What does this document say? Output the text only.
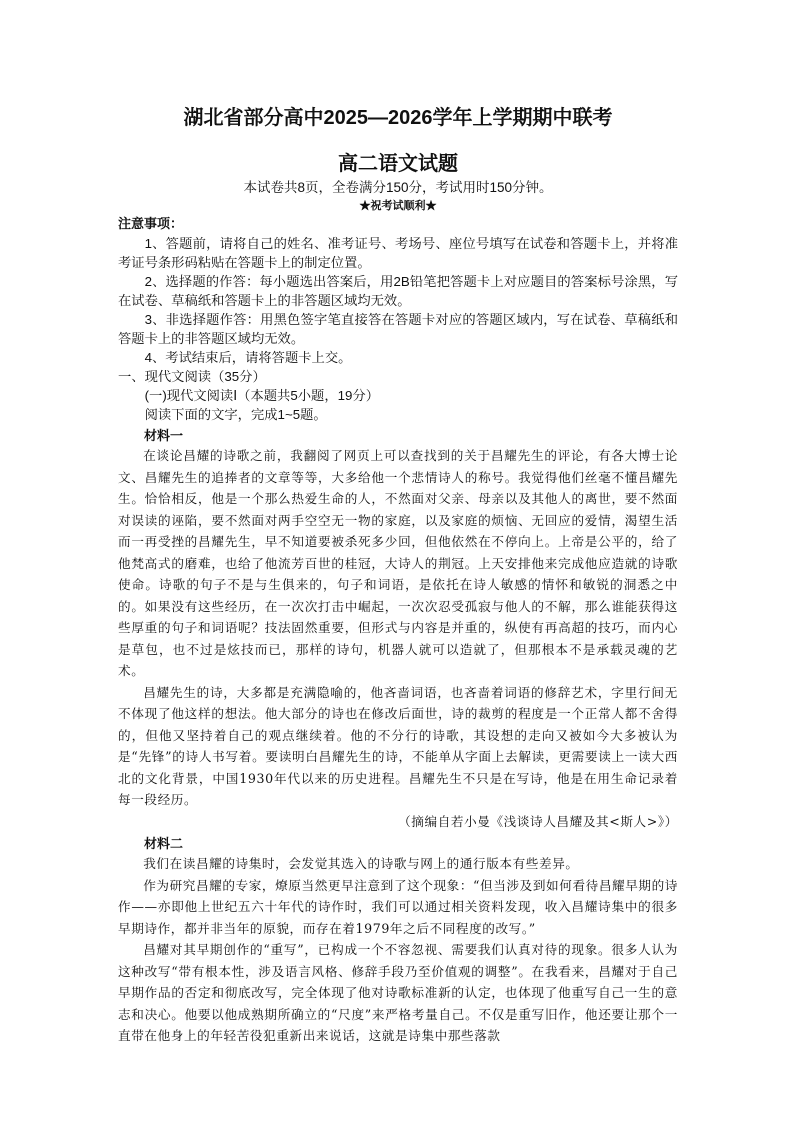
湖北省部分高中2025—2026学年上学期期中联考
高二语文试题

本试卷共8页，全卷满分150分，考试用时150分钟。

★祝考试顺利★

注意事项：

1、答题前，请将自己的姓名、准考证号、考场号、座位号填写在试卷和答题卡上，并将准考证号条形码粘贴在答题卡上的制定位置。

2、选择题的作答：每小题选出答案后，用2B铅笔把答题卡上对应题目的答案标号涂黑，写在试卷、草稿纸和答题卡上的非答题区域均无效。

3、非选择题作答：用黑色签字笔直接答在答题卡对应的答题区域内，写在试卷、草稿纸和答题卡上的非答题区域均无效。

4、考试结束后，请将答题卡上交。

一、现代文阅读（35分）

(一)现代文阅读Ⅰ（本题共5小题，19分）

阅读下面的文字，完成1~5题。

材料一

在谈论昌耀的诗歌之前，我翻阅了网页上可以查找到的关于昌耀先生的评论，有各大博士论文、昌耀先生的追捧者的文章等等，大多给他一个悲情诗人的称号。我觉得他们丝毫不懂昌耀先生。恰恰相反，他是一个那么热爱生命的人，不然面对父亲、母亲以及其他人的离世，要不然面对误读的诬陷，要不然面对两手空空无一物的家庭，以及家庭的烦恼、无回应的爱情，渴望生活而一再受挫的昌耀先生，早不知道要被杀死多少回，但他依然在不停向上。上帝是公平的，给了他梵高式的磨难，也给了他流芳百世的桂冠，大诗人的荆冠。上天安排他来完成他应造就的诗歌使命。诗歌的句子不是与生俱来的，句子和词语，是依托在诗人敏感的情怀和敏锐的洞悉之中的。如果没有这些经历，在一次次打击中崛起，一次次忍受孤寂与他人的不解，那么谁能获得这些厚重的句子和词语呢？技法固然重要，但形式与内容是并重的，纵使有再高超的技巧，而内心是草包，也不过是炫技而已，那样的诗句，机器人就可以造就了，但那根本不是承载灵魂的艺术。

昌耀先生的诗，大多都是充满隐喻的，他吝啬词语，也吝啬着词语的修辞艺术，字里行间无不体现了他这样的想法。他大部分的诗也在修改后面世，诗的裁剪的程度是一个正常人都不舍得的，但他又坚持着自己的观点继续着。他的不分行的诗歌，其设想的走向又被如今大多被认为是“先锋”的诗人书写着。要读明白昌耀先生的诗，不能单从字面上去解读，更需要读上一读大西北的文化背景，中国1930年代以来的历史进程。昌耀先生不只是在写诗，他是在用生命记录着每一段经历。

（摘编自若小曼《浅谈诗人昌耀及其<斯人>》）

材料二

我们在读昌耀的诗集时，会发觉其选入的诗歌与网上的通行版本有些差异。

作为研究昌耀的专家，燎原当然更早注意到了这个现象：“但当涉及到如何看待昌耀早期的诗作——亦即他上世纪五六十年代的诗作时，我们可以通过相关资料发现，收入昌耀诗集中的很多早期诗作，都并非当年的原貌，而存在着1979年之后不同程度的改写。”

昌耀对其早期创作的“重写”，已构成一个不容忽视、需要我们认真对待的现象。很多人认为这种改写“带有根本性，涉及语言风格、修辞手段乃至价值观的调整”。在我看来，昌耀对于自己早期作品的否定和彻底改写，完全体现了他对诗歌标准新的认定，也体现了他重写自己一生的意志和决心。他要以他成熟期所确立的“尺度”来严格考量自己。不仅是重写旧作，他还要让那个一直带在他身上的年轻苦役犯重新出来说话，这就是诗集中那些落款
